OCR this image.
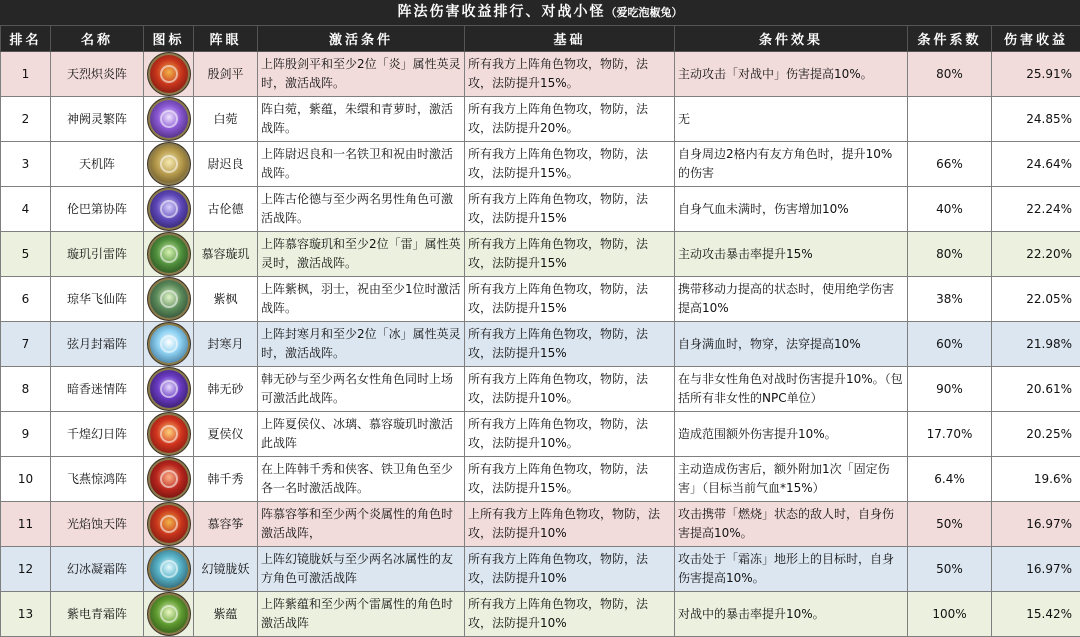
阵法伤害收益排行、对战小怪（爱吃泡椒兔）
排名	名称	图标	阵眼	激活条件	基础	条件效果	条件系数	伤害收益
1	天烈炽炎阵		殷剑平	上阵殷剑平和至少2位「炎」属性英灵时，激活战阵。	所有我方上阵角色物攻，物防，法攻，法防提升15%。	主动攻击「对战中」伤害提高10%。	80%	25.91%
2	神阙灵繁阵		白菀	阵白菀，紫蕴，朱缳和青萝时，激活战阵。	所有我方上阵角色物攻，物防，法攻，法防提升20%。	无		24.85%
3	天机阵		尉迟良	上阵尉迟良和一名铁卫和祝由时激活战阵。	所有我方上阵角色物攻，物防，法攻，法防提升15%。	自身周边2格内有友方角色时，提升10%的伤害	66%	24.64%
4	伦巴第协阵		古伦德	上阵古伦德与至少两名男性角色可激活战阵。	所有我方上阵角色物攻，物防，法攻，法防提升15%	自身气血未满时，伤害增加10%	40%	22.24%
5	璇玑引雷阵		慕容璇玑	上阵慕容璇玑和至少2位「雷」属性英灵时，激活战阵。	所有我方上阵角色物攻，物防，法攻，法防提升15%	主动攻击暴击率提升15%	80%	22.20%
6	琼华飞仙阵		紫枫	上阵紫枫，羽士，祝由至少1位时激活战阵。	所有我方上阵角色物攻，物防，法攻，法防提升15%	携带移动力提高的状态时，使用绝学伤害提高10%	38%	22.05%
7	弦月封霜阵		封寒月	上阵封寒月和至少2位「冰」属性英灵时，激活战阵。	所有我方上阵角色物攻，物防，法攻，法防提升15%	自身满血时，物穿，法穿提高10%	60%	21.98%
8	暗香迷情阵		韩无砂	韩无砂与至少两名女性角色同时上场可激活此战阵。	所有我方上阵角色物攻，物防，法攻，法防提升10%。	在与非女性角色对战时伤害提升10%。（包括所有非女性的NPC单位）	90%	20.61%
9	千煌幻日阵		夏侯仪	上阵夏侯仪、冰璃、慕容璇玑时激活此战阵	所有我方上阵角色物攻，物防，法攻，法防提升10%。	造成范围额外伤害提升10%。	17.70%	20.25%
10	飞燕惊鸿阵		韩千秀	在上阵韩千秀和侠客、铁卫角色至少各一名时激活战阵。	所有我方上阵角色物攻，物防，法攻，法防提升15%。	主动造成伤害后，额外附加1次「固定伤害」（目标当前气血*15%）	6.4%	19.6%
11	光焰蚀天阵		慕容筝	阵慕容筝和至少两个炎属性的角色时激活战阵，	上所有我方上阵角色物攻，物防，法攻，法防提升10%	攻击携带「燃烧」状态的敌人时，自身伤害提高10%。	50%	16.97%
12	幻冰凝霜阵		幻镜胧妖	上阵幻镜胧妖与至少两名冰属性的友方角色可激活战阵	所有我方上阵角色物攻，物防，法攻，法防提升10%	攻击处于「霜冻」地形上的目标时，自身伤害提高10%。	50%	16.97%
13	紫电青霜阵		紫蕴	上阵紫蕴和至少两个雷属性的角色时激活战阵	所有我方上阵角色物攻，物防，法攻，法防提升10%	对战中的暴击率提升10%。	100%	15.42%
